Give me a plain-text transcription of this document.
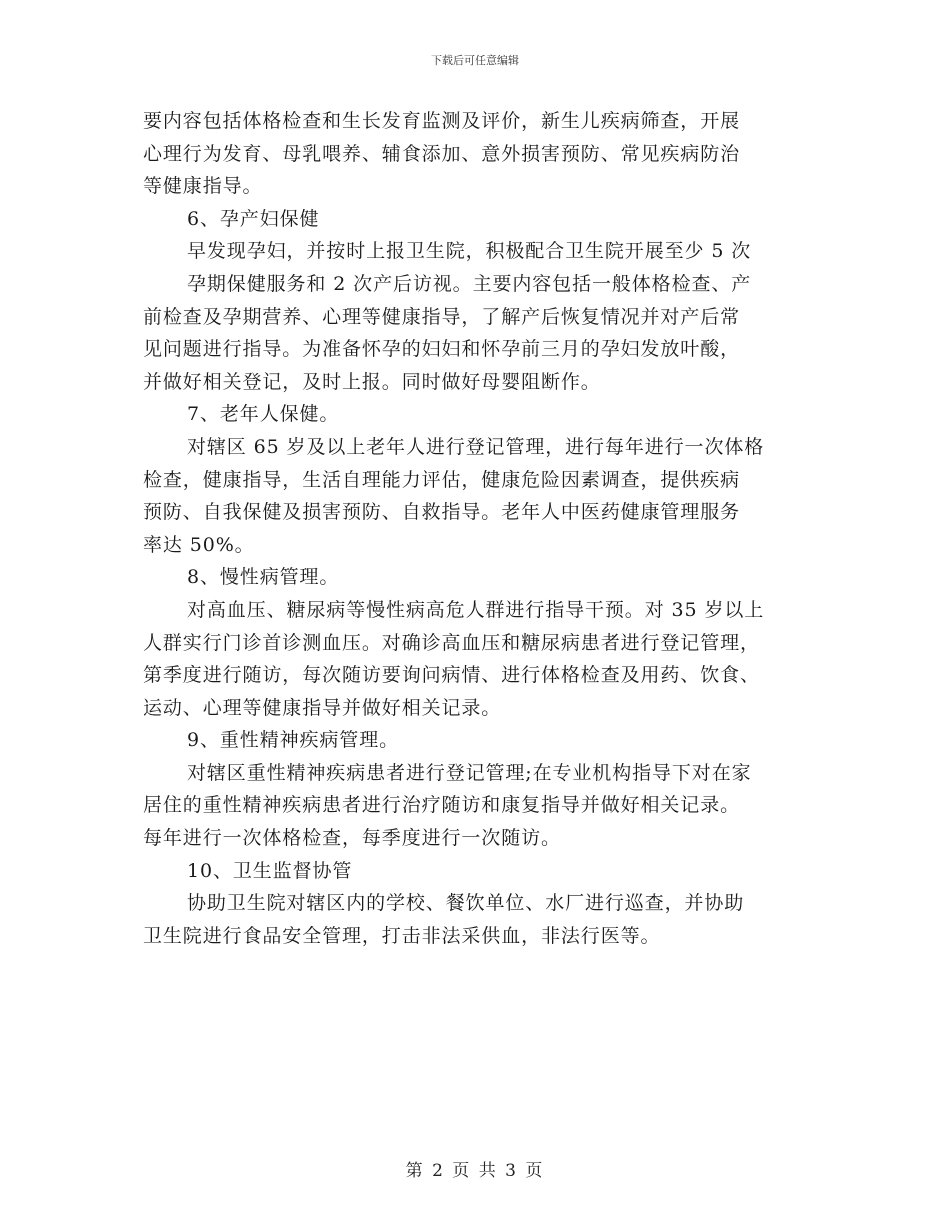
下载后可任意编辑
要内容包括体格检查和生长发育监测及评价，新生儿疾病筛查，开展
心理行为发育、母乳喂养、辅食添加、意外损害预防、常见疾病防治
等健康指导。
6、孕产妇保健
早发现孕妇，并按时上报卫生院，积极配合卫生院开展至少 5 次
孕期保健服务和 2 次产后访视。主要内容包括一般体格检查、产
前检查及孕期营养、心理等健康指导，了解产后恢复情况并对产后常
见问题进行指导。为准备怀孕的妇妇和怀孕前三月的孕妇发放叶酸，
并做好相关登记，及时上报。同时做好母婴阻断作。
7、老年人保健。
对辖区 65 岁及以上老年人进行登记管理，进行每年进行一次体格
检查，健康指导，生活自理能力评估，健康危险因素调查，提供疾病
预防、自我保健及损害预防、自救指导。老年人中医药健康管理服务
率达 50%。
8、慢性病管理。
对高血压、糖尿病等慢性病高危人群进行指导干预。对 35 岁以上
人群实行门诊首诊测血压。对确诊高血压和糖尿病患者进行登记管理，
第季度进行随访，每次随访要询问病情、进行体格检查及用药、饮食、
运动、心理等健康指导并做好相关记录。
9、重性精神疾病管理。
对辖区重性精神疾病患者进行登记管理;在专业机构指导下对在家
居住的重性精神疾病患者进行治疗随访和康复指导并做好相关记录。
每年进行一次体格检查，每季度进行一次随访。
10、卫生监督协管
协助卫生院对辖区内的学校、餐饮单位、水厂进行巡查，并协助
卫生院进行食品安全管理，打击非法采供血，非法行医等。
第 2 页 共 3 页
